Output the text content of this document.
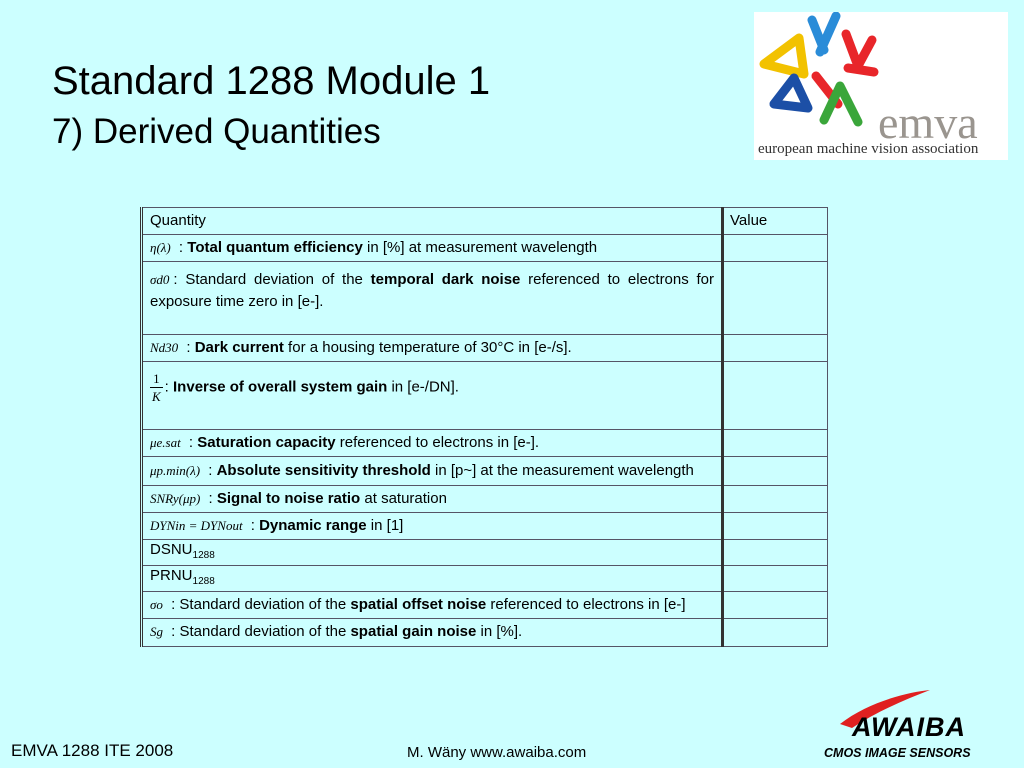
Standard 1288 Module 1
7) Derived Quantities	emva
european machine vision association
Quantity	Value
η(λ) : Total quantum efficiency in [%] at measurement wavelength	
σd0 : Standard deviation of the temporal dark noise referenced to electrons for exposure time zero in [e-].	
Nd30 : Dark current for a housing temperature of 30°C in [e-/s].	

$\frac{1}{K}$ : Inverse of overall system gain in [e-/DN].	
μe.sat : Saturation capacity referenced to electrons in [e-].	
μp.min(λ) : Absolute sensitivity threshold in [p~] at the measurement wavelength	
SNRy(μp) : Signal to noise ratio at saturation	
DYNin = DYNout : Dynamic range in [1]	
$DSNU_{1288}$	
$PRNU_{1288}$	
σo : Standard deviation of the spatial offset noise referenced to electrons in [e-]	
Sg : Standard deviation of the spatial gain noise in [%].	
AWAIBA
CMOS IMAGE SENSORS
EMVA 1288 ITE 2008	M. Wäny www.awaiba.com
